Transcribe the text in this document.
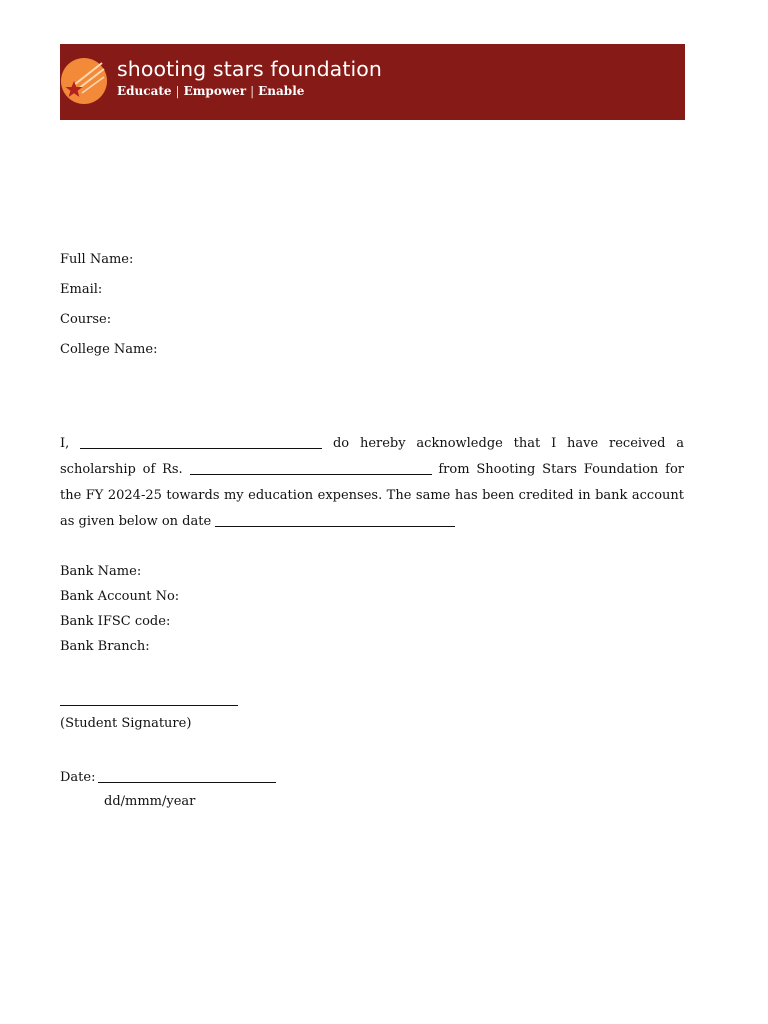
shooting stars foundation
Educate | Empower | Enable
Full Name:
Email:
Course:
College Name:
I,	do hereby acknowledge that I have received a scholarship of Rs.	from Shooting Stars Foundation for the FY 2024-25 towards my education expenses. The same has been credited in bank account as given below on date
Bank Name:
Bank Account No:
Bank IFSC code:
Bank Branch:
(Student Signature)
Date:
dd/mmm/year
